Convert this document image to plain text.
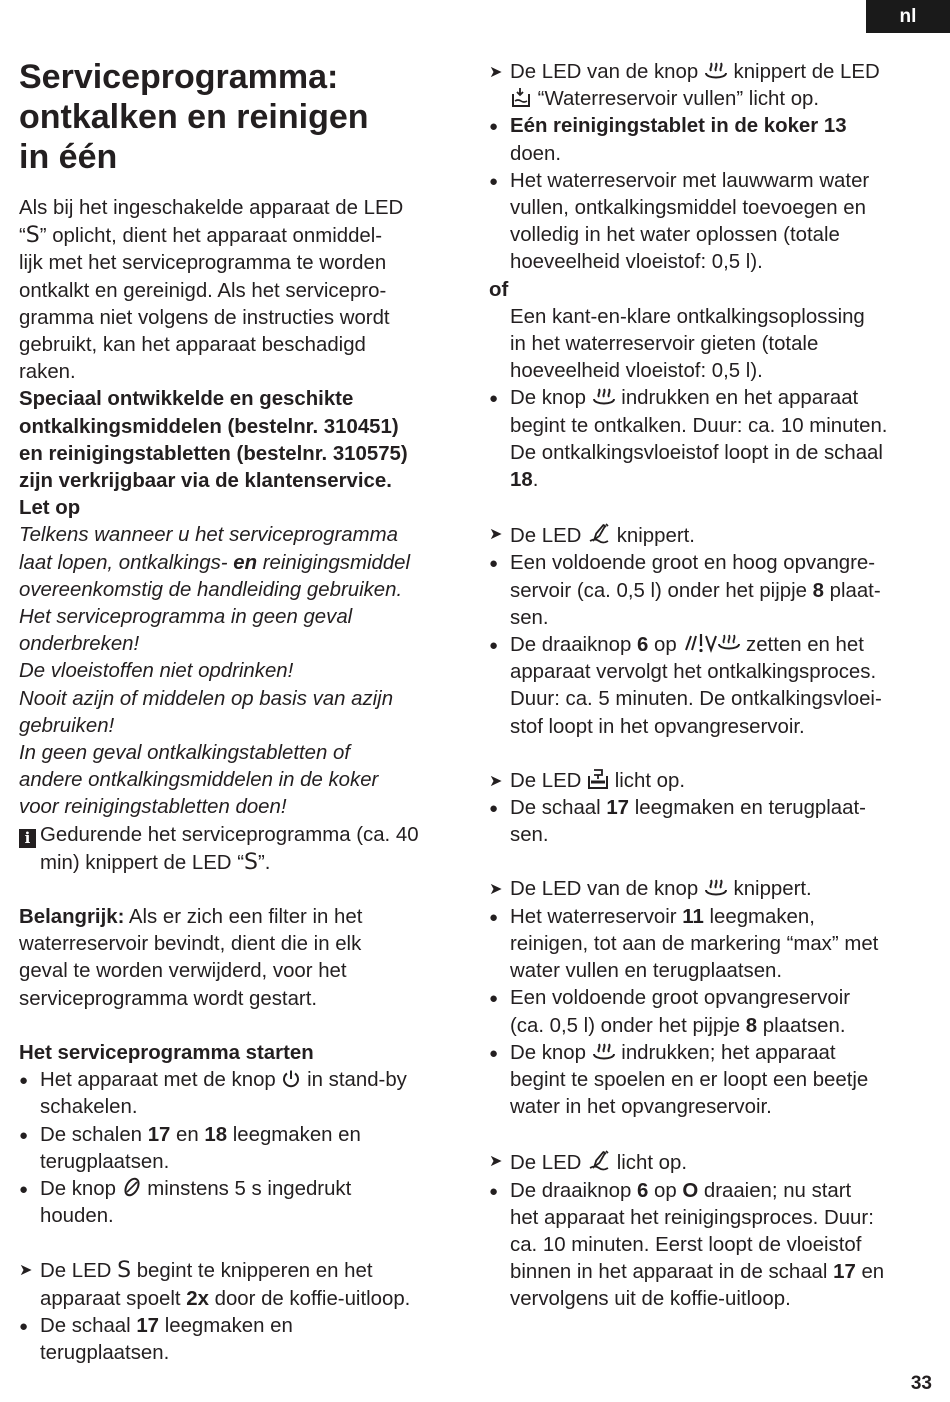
nl
Serviceprogramma:
ontkalken en reinigen
in één

Als bij het ingeschakelde apparaat de LED

“S” oplicht, dient het apparaat onmiddel-

lijk met het serviceprogramma te worden

ontkalkt en gereinigd. Als het servicepro-

gramma niet volgens de instructies wordt

gebruikt, kan het apparaat beschadigd

raken.

Speciaal ontwikkelde en geschikte

ontkalkingsmiddelen (bestelnr. 310451)

en reinigingstabletten (bestelnr. 310575)

zijn verkrijgbaar via de klantenservice.

Let op

Telkens wanneer u het serviceprogramma

laat lopen, ontkalkings- en reinigingsmiddel

overeenkomstig de handleiding gebruiken.

Het serviceprogramma in geen geval

onderbreken!

De vloeistoffen niet opdrinken!

Nooit azijn of middelen op basis van azijn

gebruiken!

In geen geval ontkalkingstabletten of

andere ontkalkingsmiddelen in de koker

voor reinigingstabletten doen!

i Gedurende het serviceprogramma (ca. 40

min) knippert de LED “S”.

Belangrijk: Als er zich een filter in het

waterreservoir bevindt, dient die in elk

geval te worden verwijderd, voor het

serviceprogramma wordt gestart.

Het serviceprogramma starten
● Het apparaat met de knop  in stand-by

schakelen.

● De schalen 17 en 18 leegmaken en

terugplaatsen.

● De knop  minstens 5 s ingedrukt

houden.

➤ De LED S begint te knipperen en het

apparaat spoelt 2x door de koffie-uitloop.

● De schaal 17 leegmaken en

terugplaatsen.

➤ De LED van de knop  knippert de LED

“Waterreservoir vullen” licht op.

● Eén reinigingstablet in de koker 13

doen.

● Het waterreservoir met lauwwarm water

vullen, ontkalkingsmiddel toevoegen en

volledig in het water oplossen (totale

hoeveelheid vloeistof: 0,5 l).

of

Een kant-en-klare ontkalkingsoplossing

in het waterreservoir gieten (totale

hoeveelheid vloeistof: 0,5 l).

● De knop  indrukken en het apparaat

begint te ontkalken. Duur: ca. 10 minuten.

De ontkalkingsvloeistof loopt in de schaal

18.

➤ De LED  knippert.

● Een voldoende groot en hoog opvangre-

servoir (ca. 0,5 l) onder het pijpje 8 plaat-

sen.

● De draaiknop 6 op	zetten en het

apparaat vervolgt het ontkalkingsproces.

Duur: ca. 5 minuten. De ontkalkingsvloei-

stof loopt in het opvangreservoir.

➤ De LED  licht op.

● De schaal 17 leegmaken en terugplaat-

sen.

➤ De LED van de knop  knippert.

● Het waterreservoir 11 leegmaken,

reinigen, tot aan de markering “max” met

water vullen en terugplaatsen.

● Een voldoende groot opvangreservoir

(ca. 0,5 l) onder het pijpje 8 plaatsen.

● De knop  indrukken; het apparaat

begint te spoelen en er loopt een beetje

water in het opvangreservoir.

➤ De LED  licht op.

● De draaiknop 6 op O draaien; nu start

het apparaat het reinigingsproces. Duur:

ca. 10 minuten. Eerst loopt de vloeistof

binnen in het apparaat in de schaal 17 en

vervolgens uit de koffie-uitloop.

33
